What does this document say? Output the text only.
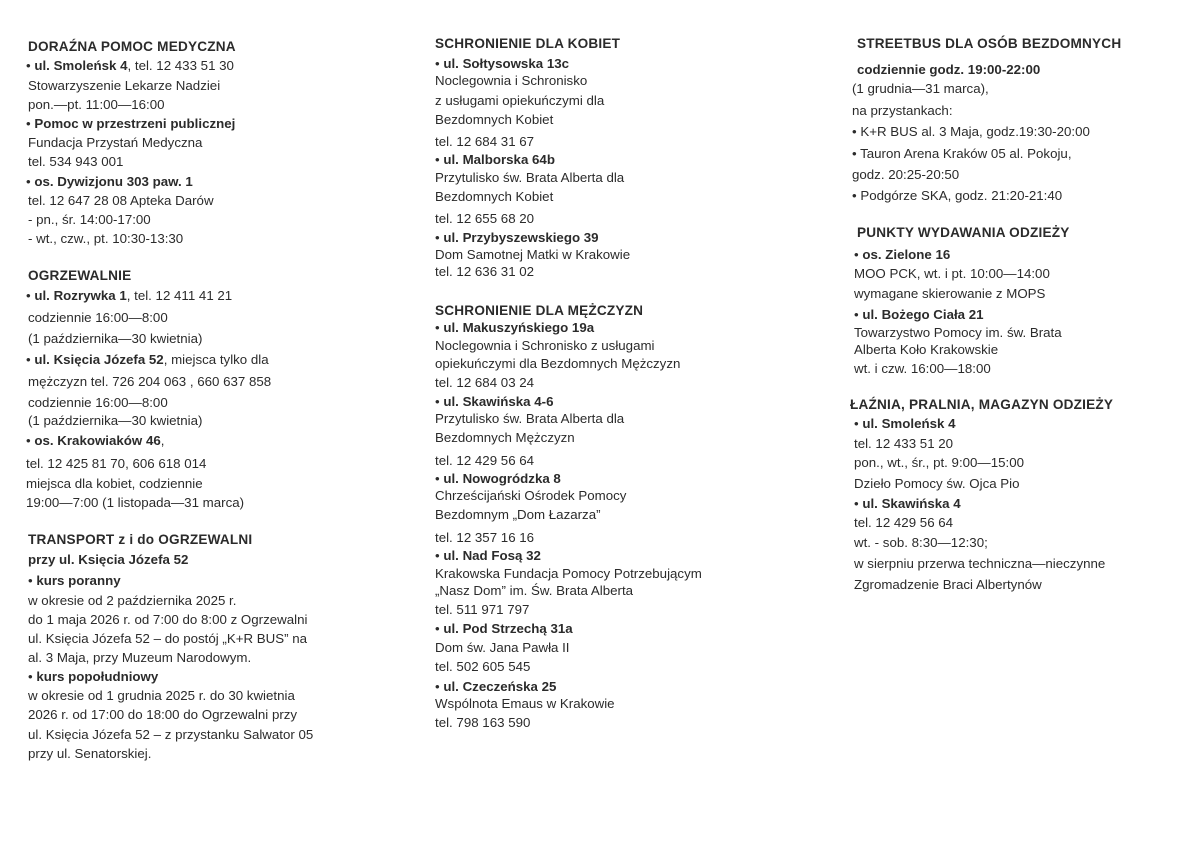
DORAŹNA POMOC MEDYCZNA
• ul. Smoleńsk 4, tel. 12 433 51 30
Stowarzyszenie Lekarze Nadziei
pon.—pt. 11:00—16:00
• Pomoc w przestrzeni publicznej
Fundacja Przystań Medyczna
tel. 534 943 001
• os. Dywizjonu 303 paw. 1
tel. 12 647 28 08 Apteka Darów
- pn., śr. 14:00-17:00
- wt., czw., pt. 10:30-13:30
OGRZEWALNIE
• ul. Rozrywka 1, tel. 12 411 41 21
codziennie 16:00—8:00
(1 października—30 kwietnia)
• ul. Księcia Józefa 52, miejsca tylko dla
mężczyzn tel. 726 204 063 , 660 637 858
codziennie 16:00—8:00
(1 października—30 kwietnia)
• os. Krakowiaków 46,
tel. 12 425 81 70, 606 618 014
miejsca dla kobiet, codziennie
19:00—7:00 (1 listopada—31 marca)
TRANSPORT z i do OGRZEWALNI
przy ul. Księcia Józefa 52
• kurs poranny
w okresie od 2 października 2025 r.
do 1 maja 2026 r. od 7:00 do 8:00 z Ogrzewalni
ul. Księcia Józefa 52 – do postój „K+R BUS” na
al. 3 Maja, przy Muzeum Narodowym.
• kurs popołudniowy
w okresie od 1 grudnia 2025 r. do 30 kwietnia
2026 r. od 17:00 do 18:00 do Ogrzewalni przy
ul. Księcia Józefa 52 – z przystanku Salwator 05
przy ul. Senatorskiej.
SCHRONIENIE DLA KOBIET
• ul. Sołtysowska 13c
Noclegownia i Schronisko
z usługami opiekuńczymi dla
Bezdomnych Kobiet
tel. 12 684 31 67
• ul. Malborska 64b
Przytulisko św. Brata Alberta dla
Bezdomnych Kobiet
tel. 12 655 68 20
• ul. Przybyszewskiego 39
Dom Samotnej Matki w Krakowie
tel. 12 636 31 02
SCHRONIENIE DLA MĘŻCZYZN
• ul. Makuszyńskiego 19a
Noclegownia i Schronisko z usługami
opiekuńczymi dla Bezdomnych Mężczyzn
tel. 12 684 03 24
• ul. Skawińska 4-6
Przytulisko św. Brata Alberta dla
Bezdomnych Mężczyzn
tel. 12 429 56 64
• ul. Nowogródzka 8
Chrześcijański Ośrodek Pomocy
Bezdomnym „Dom Łazarza”
tel. 12 357 16 16
• ul. Nad Fosą 32
Krakowska Fundacja Pomocy Potrzebującym
„Nasz Dom” im. Św. Brata Alberta
tel. 511 971 797
• ul. Pod Strzechą 31a
Dom św. Jana Pawła II
tel. 502 605 545
• ul. Czeczeńska 25
Wspólnota Emaus w Krakowie
tel. 798 163 590
STREETBUS DLA OSÓB BEZDOMNYCH
codziennie godz. 19:00-22:00
(1 grudnia—31 marca),
na przystankach:
• K+R BUS al. 3 Maja, godz.19:30-20:00
• Tauron Arena Kraków 05 al. Pokoju,
godz. 20:25-20:50
• Podgórze SKA, godz. 21:20-21:40
PUNKTY WYDAWANIA ODZIEŻY
• os. Zielone 16
MOO PCK, wt. i pt. 10:00—14:00
wymagane skierowanie z MOPS
• ul. Bożego Ciała 21
Towarzystwo Pomocy im. św. Brata
Alberta Koło Krakowskie
wt. i czw. 16:00—18:00
ŁAŹNIA, PRALNIA, MAGAZYN ODZIEŻY
• ul. Smoleńsk 4
tel. 12 433 51 20
pon., wt., śr., pt. 9:00—15:00
Dzieło Pomocy św. Ojca Pio
• ul. Skawińska 4
tel. 12 429 56 64
wt. - sob. 8:30—12:30;
w sierpniu przerwa techniczna—nieczynne
Zgromadzenie Braci Albertynów
